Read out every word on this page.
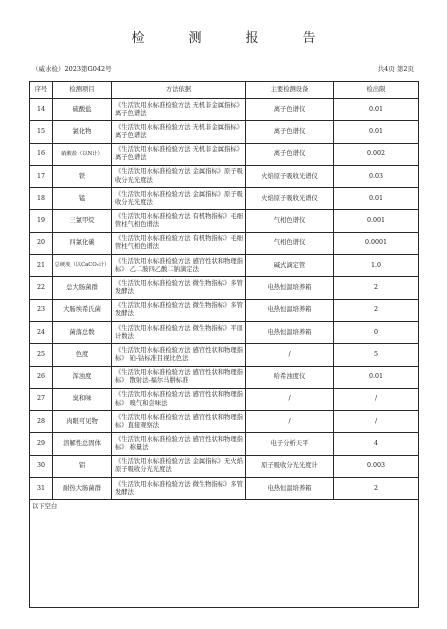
检	测	报	告
（威水检）2023第G042号	共4页 第2页
序号	检测项目	方法依据	主要检测设备	检出限
14	硫酸盐	《生活饮用水标准检验方法 无机非金属指标》离子色谱法	离子色谱仪	0.01
15	氯化物	《生活饮用水标准检验方法 无机非金属指标》离子色谱法	离子色谱仪	0.01
16	硝酸盐（以N计）	《生活饮用水标准检验方法 无机非金属指标》离子色谱法	离子色谱仪	0.002
17	铁	《生活饮用水标准检验方法 金属指标》原子吸收分光光度法	火焰原子吸收光谱仪	0.03
18	锰	《生活饮用水标准检验方法 金属指标》原子吸收分光光度法	火焰原子吸收光谱仪	0.01
19	三氯甲烷	《生活饮用水标准检验方法 有机物指标》毛细管柱气相色谱法	气相色谱仪	0.001
20	四氯化碳	《生活饮用水标准检验方法 有机物指标》毛细管柱气相色谱法	气相色谱仪	0.0001
21	总硬度（以CaCO₃计）	《生活饮用水标准检验方法 感官性状和物理指标》 乙二胺四乙酸二钠滴定法	碱式滴定管	1.0
22	总大肠菌群	《生活饮用水标准检验方法 微生物指标》多管发酵法	电热恒温培养箱	2
23	大肠埃希氏菌	《生活饮用水标准检验方法 微生物指标》多管发酵法	电热恒温培养箱	2
24	菌落总数	《生活饮用水标准检验方法 微生物指标》平皿计数法	电热恒温培养箱	0
25	色度	《生活饮用水标准检验方法 感官性状和物理指标》 铂-钴标准目视比色法	/	5
26	浑浊度	《生活饮用水标准检验方法 感官性状和物理指标》 散射法-福尔马肼标准	哈希浊度仪	0.01
27	臭和味	《生活饮用水标准检验方法 感官性状和物理指标》 嗅气和尝味法	/	/
28	肉眼可见物	《生活饮用水标准检验方法 感官性状和物理指标》直接观察法	/	/
29	溶解性总固体	《生活饮用水标准检验方法 感官性状和物理指标》 称量法	电子分析天平	4
30	铝	《生活饮用水标准检验方法 金属指标》无火焰原子吸收分光光度法	原子吸收分光光度计	0.003
31	耐热大肠菌群	《生活饮用水标准检验方法 微生物指标》多管发酵法	电热恒温培养箱	2
以下空白				
